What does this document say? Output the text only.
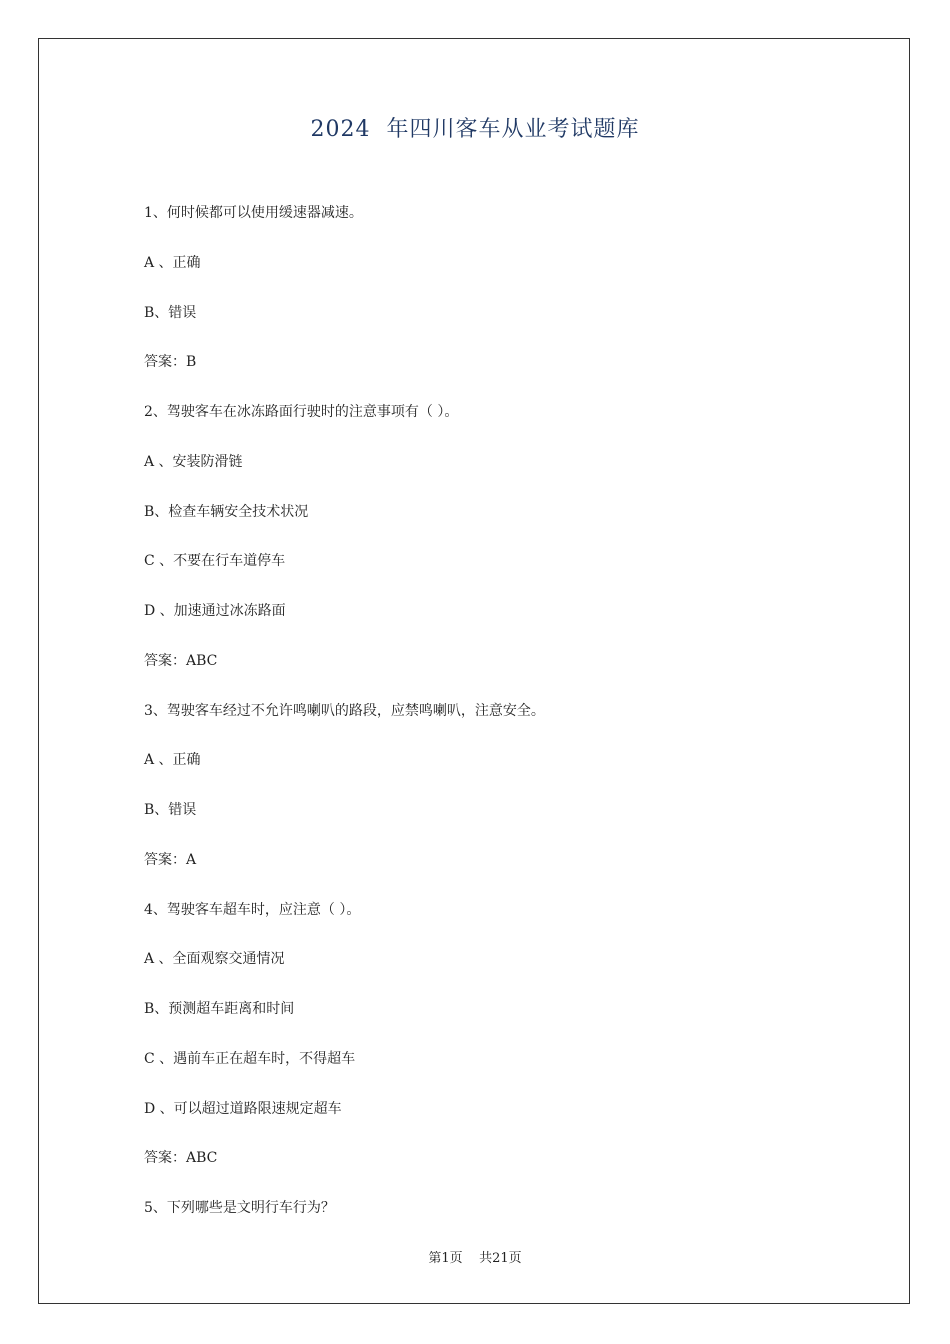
2024  年四川客车从业考试题库
1、何时候都可以使用缓速器减速。
A 、正确
B、错误
答案：B
2、驾驶客车在冰冻路面行驶时的注意事项有（ ）。
A 、安装防滑链
B、检查车辆安全技术状况
C 、不要在行车道停车
D 、加速通过冰冻路面
答案：ABC
3、驾驶客车经过不允许鸣喇叭的路段，应禁鸣喇叭，注意安全。
A 、正确
B、错误
答案：A
4、驾驶客车超车时，应注意（ ）。
A 、全面观察交通情况
B、预测超车距离和时间
C 、遇前车正在超车时，不得超车
D 、可以超过道路限速规定超车
答案：ABC
5、下列哪些是文明行车行为？
第1页    共21页
